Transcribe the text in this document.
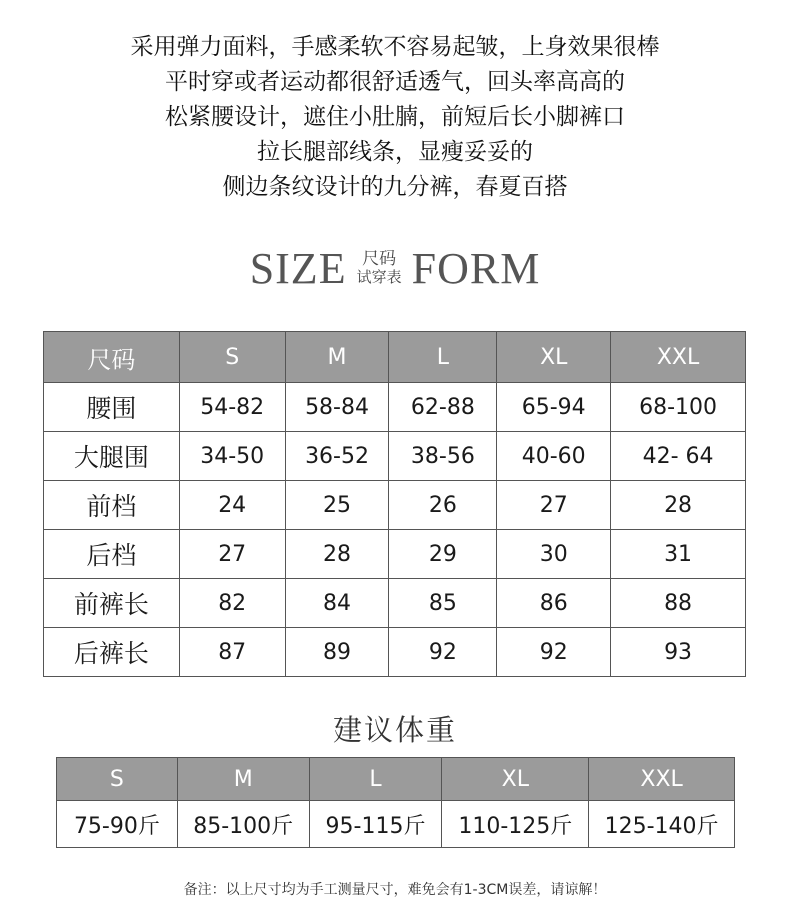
采用弹力面料，手感柔软不容易起皱，上身效果很棒
平时穿或者运动都很舒适透气，回头率高高的
松紧腰设计，遮住小肚腩，前短后长小脚裤口
拉长腿部线条，显瘦妥妥的
侧边条纹设计的九分裤，春夏百搭
SIZE 尺码
试穿表 FORM
尺码	S	M	L	XL	XXL
腰围	54-82	58-84	62-88	65-94	68-100
大腿围	34-50	36-52	38-56	40-60	42- 64
前档	24	25	26	27	28
后档	27	28	29	30	31
前裤长	82	84	85	86	88
后裤长	87	89	92	92	93
建议体重
S	M	L	XL	XXL
75-90斤	85-100斤	95-115斤	110-125斤	125-140斤
备注：以上尺寸均为手工测量尺寸，难免会有1-3CM误差，请谅解！
